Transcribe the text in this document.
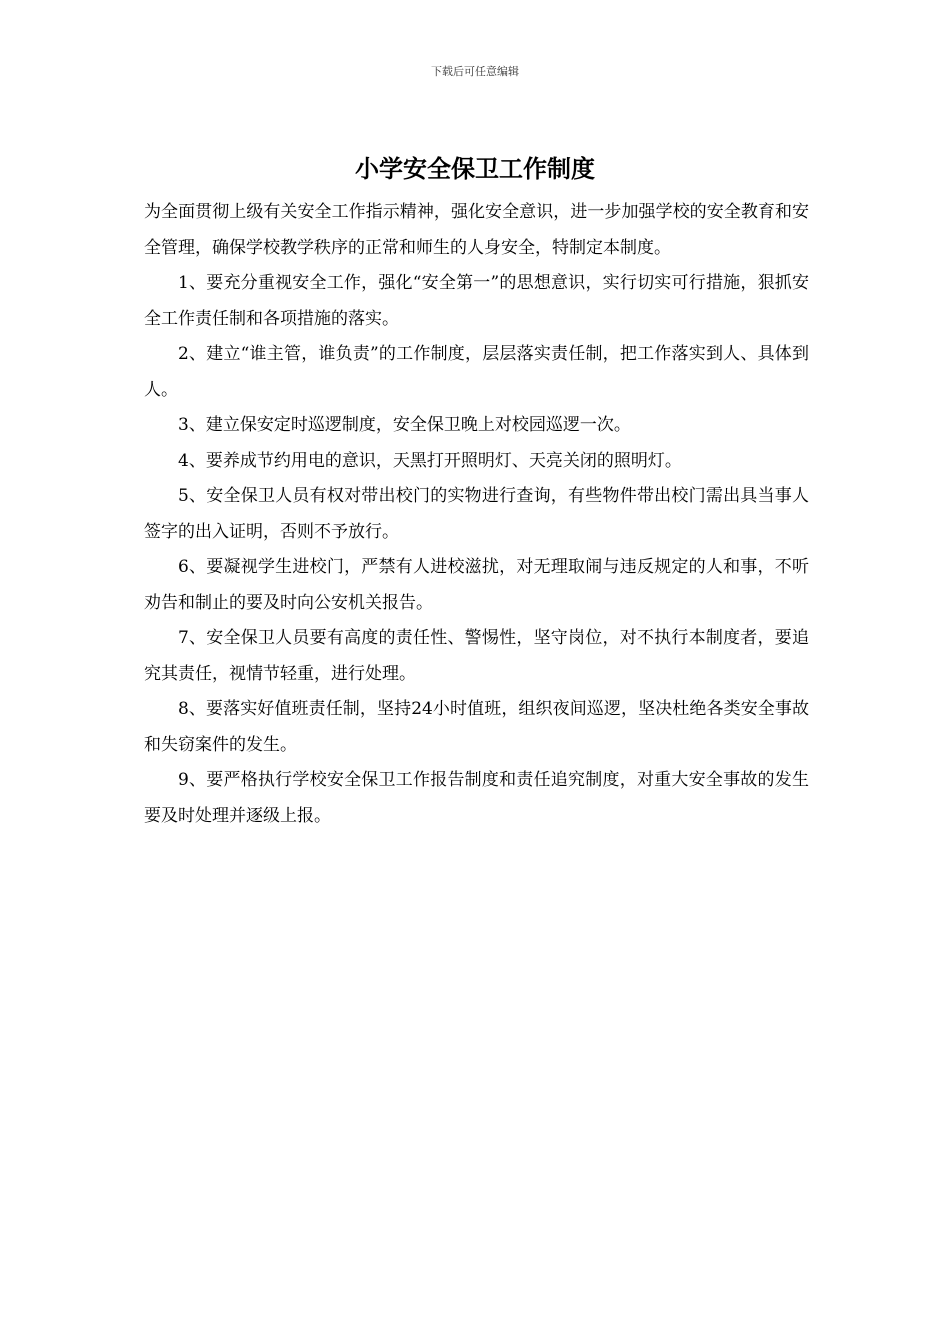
下载后可任意编辑
小学安全保卫工作制度

为全面贯彻上级有关安全工作指示精神，强化安全意识，进一步加强学校的安全教育和安全管理，确保学校教学秩序的正常和师生的人身安全，特制定本制度。

1、要充分重视安全工作，强化“安全第一”的思想意识，实行切实可行措施，狠抓安全工作责任制和各项措施的落实。

2、建立“谁主管，谁负责”的工作制度，层层落实责任制，把工作落实到人、具体到人。

3、建立保安定时巡逻制度，安全保卫晚上对校园巡逻一次。

4、要养成节约用电的意识，天黑打开照明灯、天亮关闭的照明灯。

5、安全保卫人员有权对带出校门的实物进行查询，有些物件带出校门需出具当事人签字的出入证明，否则不予放行。

6、要凝视学生进校门，严禁有人进校滋扰，对无理取闹与违反规定的人和事，不听劝告和制止的要及时向公安机关报告。

7、安全保卫人员要有高度的责任性、警惕性，坚守岗位，对不执行本制度者，要追究其责任，视情节轻重，进行处理。

8、要落实好值班责任制，坚持24小时值班，组织夜间巡逻，坚决杜绝各类安全事故和失窃案件的发生。

9、要严格执行学校安全保卫工作报告制度和责任追究制度，对重大安全事故的发生要及时处理并逐级上报。
